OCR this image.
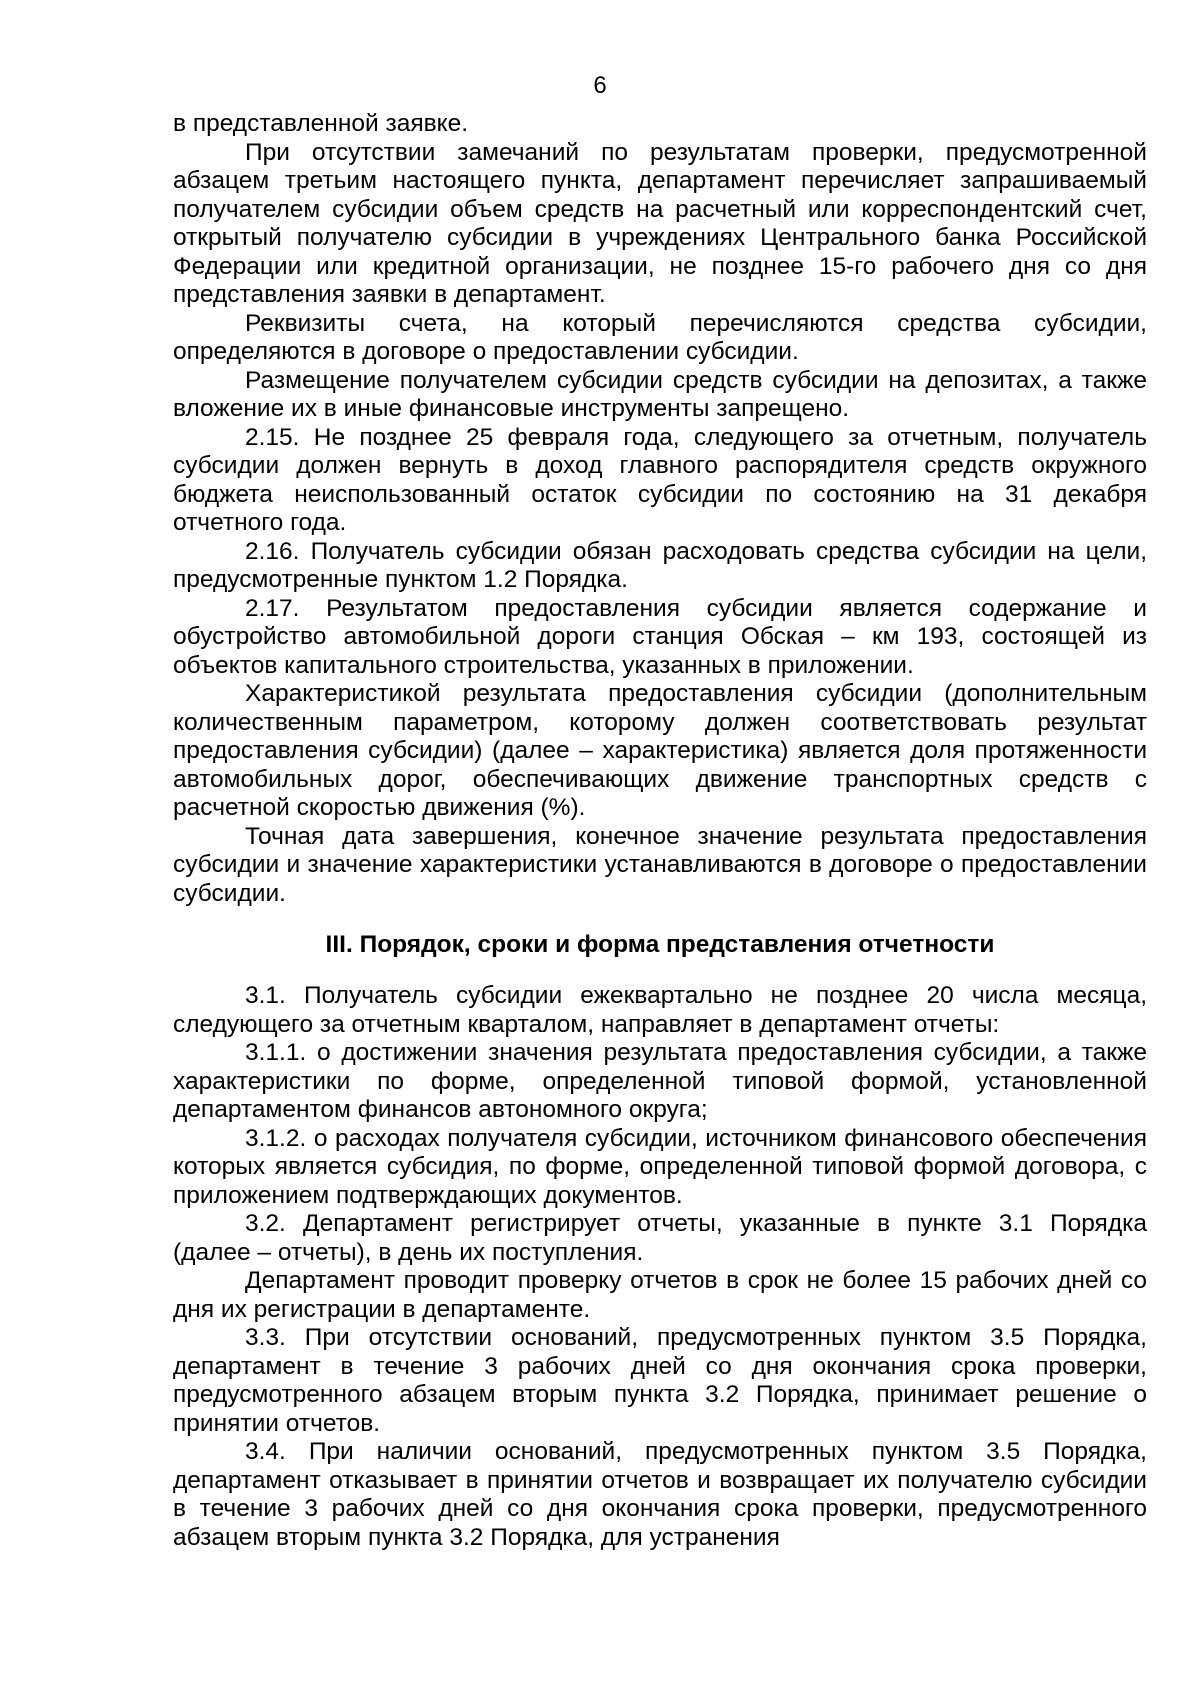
6

в представленной заявке.

При отсутствии замечаний по результатам проверки, предусмотренной абзацем третьим настоящего пункта, департамент перечисляет запрашиваемый получателем субсидии объем средств на расчетный или корреспондентский счет, открытый получателю субсидии в учреждениях Центрального банка Российской Федерации или кредитной организации, не позднее 15-го рабочего дня со дня представления заявки в департамент.

Реквизиты счета, на который перечисляются средства субсидии, определяются в договоре о предоставлении субсидии.

Размещение получателем субсидии средств субсидии на депозитах, а также вложение их в иные финансовые инструменты запрещено.

2.15. Не позднее 25 февраля года, следующего за отчетным, получатель субсидии должен вернуть в доход главного распорядителя средств окружного бюджета неиспользованный остаток субсидии по состоянию на 31 декабря отчетного года.

2.16. Получатель субсидии обязан расходовать средства субсидии на цели, предусмотренные пунктом 1.2 Порядка.

2.17. Результатом предоставления субсидии является содержание и обустройство автомобильной дороги станция Обская – км 193, состоящей из объектов капитального строительства, указанных в приложении.

Характеристикой результата предоставления субсидии (дополнительным количественным параметром, которому должен соответствовать результат предоставления субсидии) (далее – характеристика) является доля протяженности автомобильных дорог, обеспечивающих движение транспортных средств с расчетной скоростью движения (%).

Точная дата завершения, конечное значение результата предоставления субсидии и значение характеристики устанавливаются в договоре о предоставлении субсидии.

III. Порядок, сроки и форма представления отчетности

3.1. Получатель субсидии ежеквартально не позднее 20 числа месяца, следующего за отчетным кварталом, направляет в департамент отчеты:

3.1.1. о достижении значения результата предоставления субсидии, а также характеристики по форме, определенной типовой формой, установленной департаментом финансов автономного округа;

3.1.2. о расходах получателя субсидии, источником финансового обеспечения которых является субсидия, по форме, определенной типовой формой договора, с приложением подтверждающих документов.

3.2. Департамент регистрирует отчеты, указанные в пункте 3.1 Порядка (далее – отчеты), в день их поступления.

Департамент проводит проверку отчетов в срок не более 15 рабочих дней со дня их регистрации в департаменте.

3.3. При отсутствии оснований, предусмотренных пунктом 3.5 Порядка, департамент в течение 3 рабочих дней со дня окончания срока проверки, предусмотренного абзацем вторым пункта 3.2 Порядка, принимает решение о принятии отчетов.

3.4. При наличии оснований, предусмотренных пунктом 3.5 Порядка, департамент отказывает в принятии отчетов и возвращает их получателю субсидии в течение 3 рабочих дней со дня окончания срока проверки, предусмотренного абзацем вторым пункта 3.2 Порядка, для устранения
